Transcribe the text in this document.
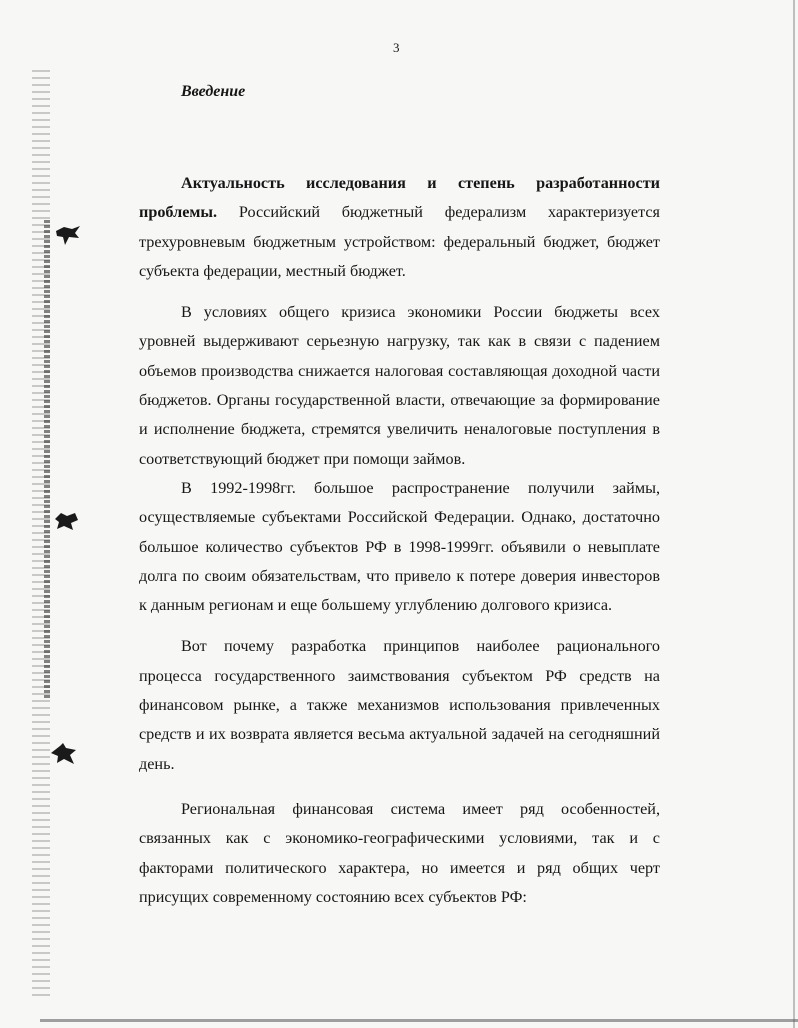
3
Введение

Актуальность исследования и степень разработанности проблемы. Российский бюджетный федерализм характеризуется трехуровневым бюджетным устройством: федеральный бюджет, бюджет субъекта федерации, местный бюджет.

В условиях общего кризиса экономики России бюджеты всех уровней выдерживают серьезную нагрузку, так как в связи с падением объемов производства снижается налоговая составляющая доходной части бюджетов. Органы государственной власти, отвечающие за формирование и исполнение бюджета, стремятся увеличить неналоговые поступления в соответствующий бюджет при помощи займов.

В 1992-1998гг. большое распространение получили займы, осуществляемые субъектами Российской Федерации. Однако, достаточно большое количество субъектов РФ в 1998-1999гг. объявили о невыплате долга по своим обязательствам, что привело к потере доверия инвесторов к данным регионам и еще большему углублению долгового кризиса.

Вот почему разработка принципов наиболее рационального процесса государственного заимствования субъектом РФ средств на финансовом рынке, а также механизмов использования привлеченных средств и их возврата является весьма актуальной задачей на сегодняшний день.

Региональная финансовая система имеет ряд особенностей, связанных как с экономико-географическими условиями, так и с факторами политического характера, но имеется и ряд общих черт присущих современному состоянию всех субъектов РФ:
